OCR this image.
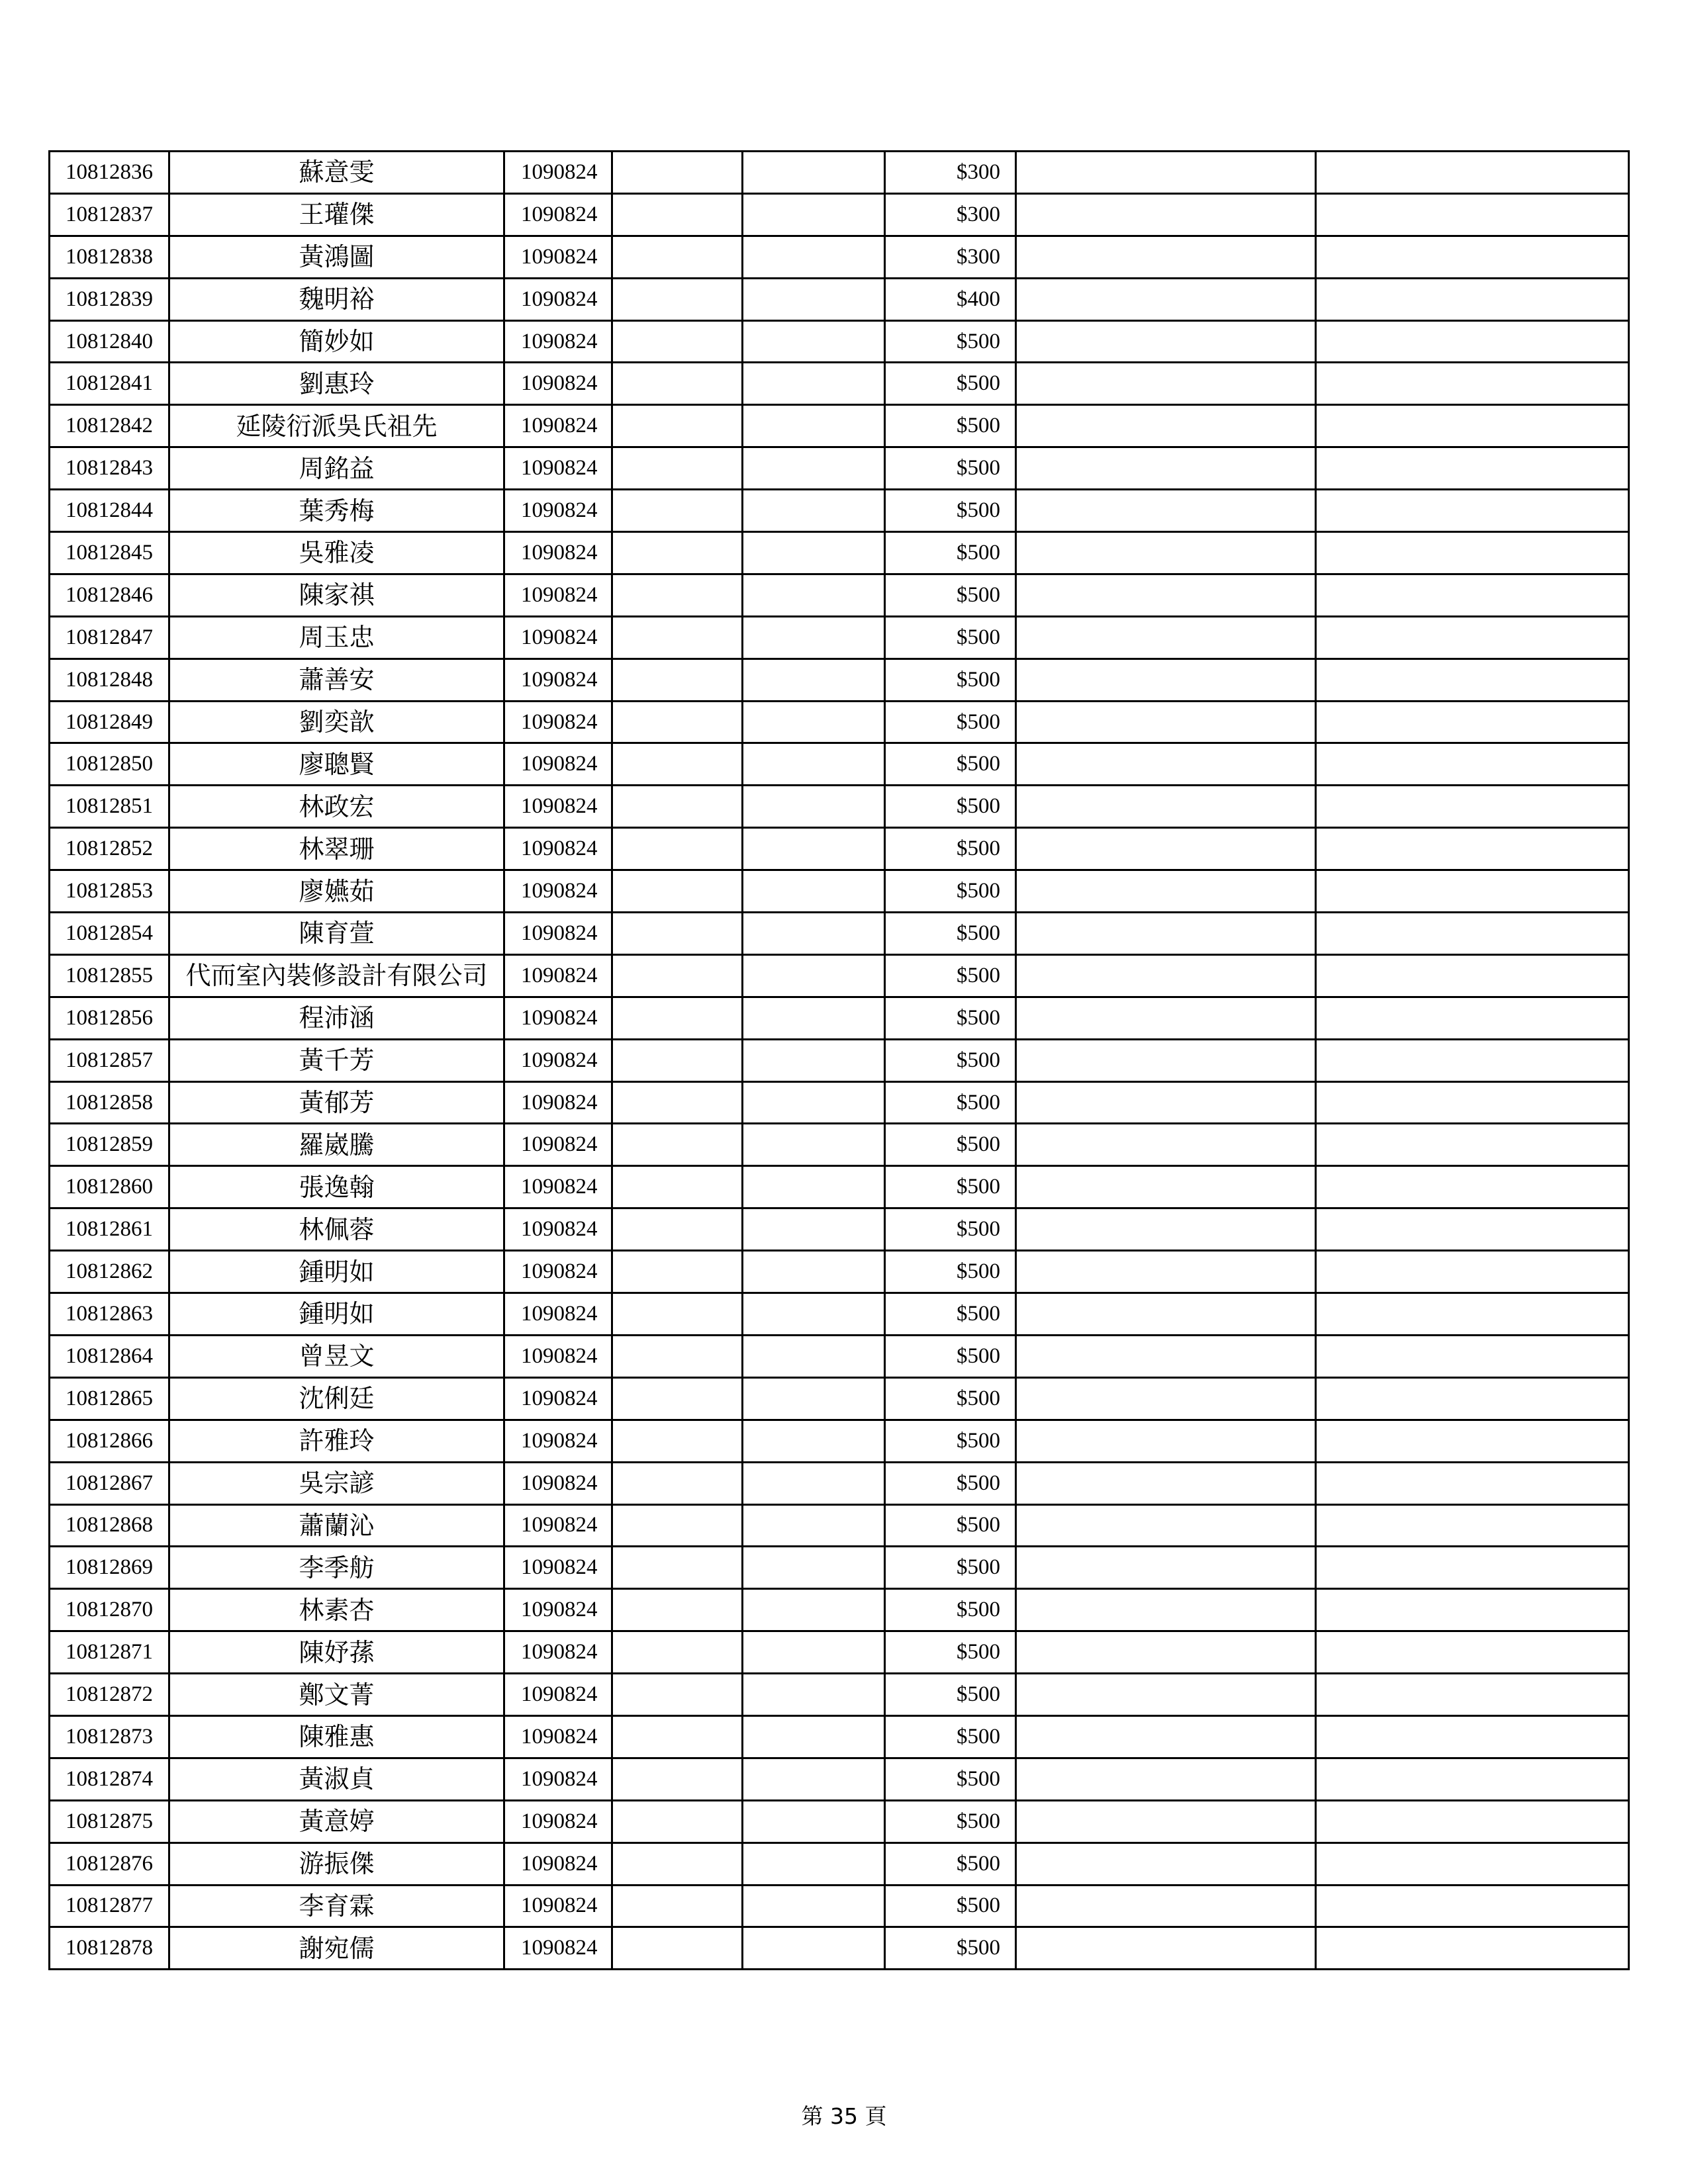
10812836	蘇意雯	1090824			$300		
10812837	王瓘傑	1090824			$300		
10812838	黃鴻圖	1090824			$300		
10812839	魏明裕	1090824			$400		
10812840	簡妙如	1090824			$500		
10812841	劉惠玲	1090824			$500		
10812842	延陵衍派吳氏祖先	1090824			$500		
10812843	周銘益	1090824			$500		
10812844	葉秀梅	1090824			$500		
10812845	吳雅凌	1090824			$500		
10812846	陳家祺	1090824			$500		
10812847	周玉忠	1090824			$500		
10812848	蕭善安	1090824			$500		
10812849	劉奕歆	1090824			$500		
10812850	廖聰賢	1090824			$500		
10812851	林政宏	1090824			$500		
10812852	林翠珊	1090824			$500		
10812853	廖嬿茹	1090824			$500		
10812854	陳育萱	1090824			$500		
10812855	代而室內裝修設計有限公司	1090824			$500		
10812856	程沛涵	1090824			$500		
10812857	黃千芳	1090824			$500		
10812858	黃郁芳	1090824			$500		
10812859	羅崴騰	1090824			$500		
10812860	張逸翰	1090824			$500		
10812861	林佩蓉	1090824			$500		
10812862	鍾明如	1090824			$500		
10812863	鍾明如	1090824			$500		
10812864	曾昱文	1090824			$500		
10812865	沈俐廷	1090824			$500		
10812866	許雅玲	1090824			$500		
10812867	吳宗諺	1090824			$500		
10812868	蕭蘭沁	1090824			$500		
10812869	李季舫	1090824			$500		
10812870	林素杏	1090824			$500		
10812871	陳妤蓀	1090824			$500		
10812872	鄭文菁	1090824			$500		
10812873	陳雅惠	1090824			$500		
10812874	黃淑貞	1090824			$500		
10812875	黃意婷	1090824			$500		
10812876	游振傑	1090824			$500		
10812877	李育霖	1090824			$500		
10812878	謝宛儒	1090824			$500		
第 35 頁
